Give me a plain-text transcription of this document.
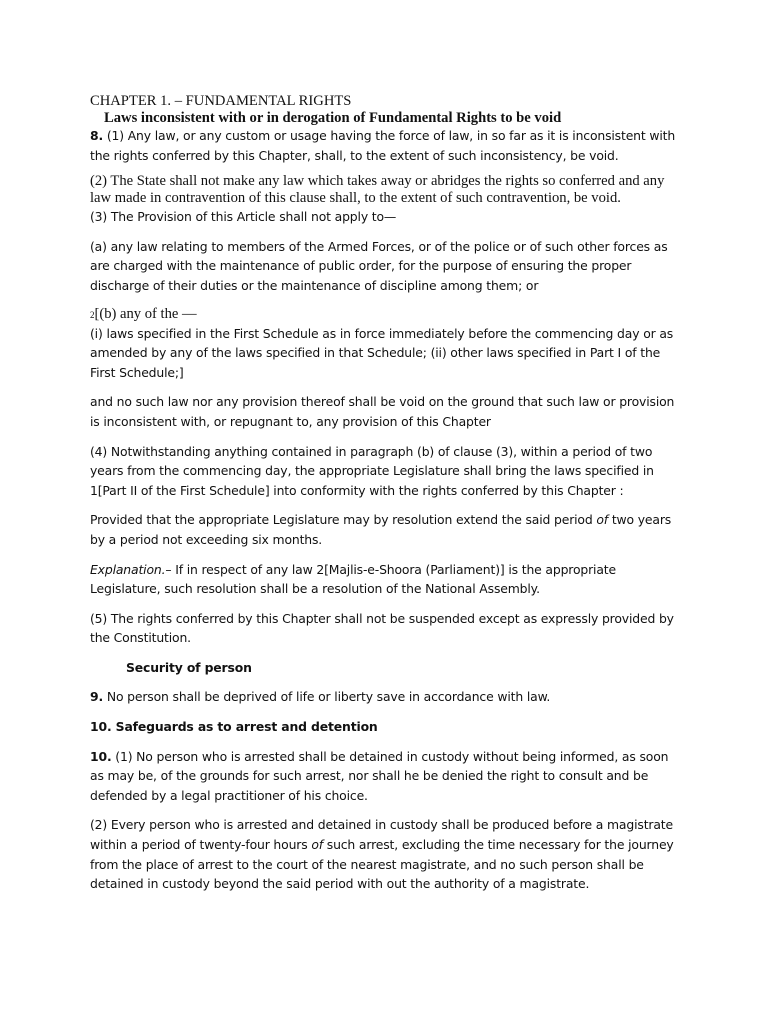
CHAPTER 1. – FUNDAMENTAL RIGHTS

Laws inconsistent with or in derogation of Fundamental Rights to be void

8. (1) Any law, or any custom or usage having the force of law, in so far as it is inconsistent with the rights conferred by this Chapter, shall, to the extent of such inconsistency, be void.

(2) The State shall not make any law which takes away or abridges the rights so conferred and any law made in contravention of this clause shall, to the extent of such contravention, be void.

(3) The Provision of this Article shall not apply to—

(a) any law relating to members of the Armed Forces, or of the police or of such other forces as are charged with the maintenance of public order, for the purpose of ensuring the proper discharge of their duties or the maintenance of discipline among them; or

2[(b) any of the —

(i) laws specified in the First Schedule as in force immediately before the commencing day or as amended by any of the laws specified in that Schedule; (ii) other laws specified in Part I of the First Schedule;]

and no such law nor any provision thereof shall be void on the ground that such law or provision is inconsistent with, or repugnant to, any provision of this Chapter

(4) Notwithstanding anything contained in paragraph (b) of clause (3), within a period of two years from the commencing day, the appropriate Legislature shall bring the laws specified in 1[Part II of the First Schedule] into conformity with the rights conferred by this Chapter :

Provided that the appropriate Legislature may by resolution extend the said period of two years by a period not exceeding six months.

Explanation.– If in respect of any law 2[Majlis-e-Shoora (Parliament)] is the appropriate Legislature, such resolution shall be a resolution of the National Assembly.

(5) The rights conferred by this Chapter shall not be suspended except as expressly provided by the Constitution.

Security of person

9. No person shall be deprived of life or liberty save in accordance with law.

10. Safeguards as to arrest and detention

10. (1) No person who is arrested shall be detained in custody without being informed, as soon as may be, of the grounds for such arrest, nor shall he be denied the right to consult and be defended by a legal practitioner of his choice.

(2) Every person who is arrested and detained in custody shall be produced before a magistrate within a period of twenty-four hours of such arrest, excluding the time necessary for the journey from the place of arrest to the court of the nearest magistrate, and no such person shall be detained in custody beyond the said period with out the authority of a magistrate.
